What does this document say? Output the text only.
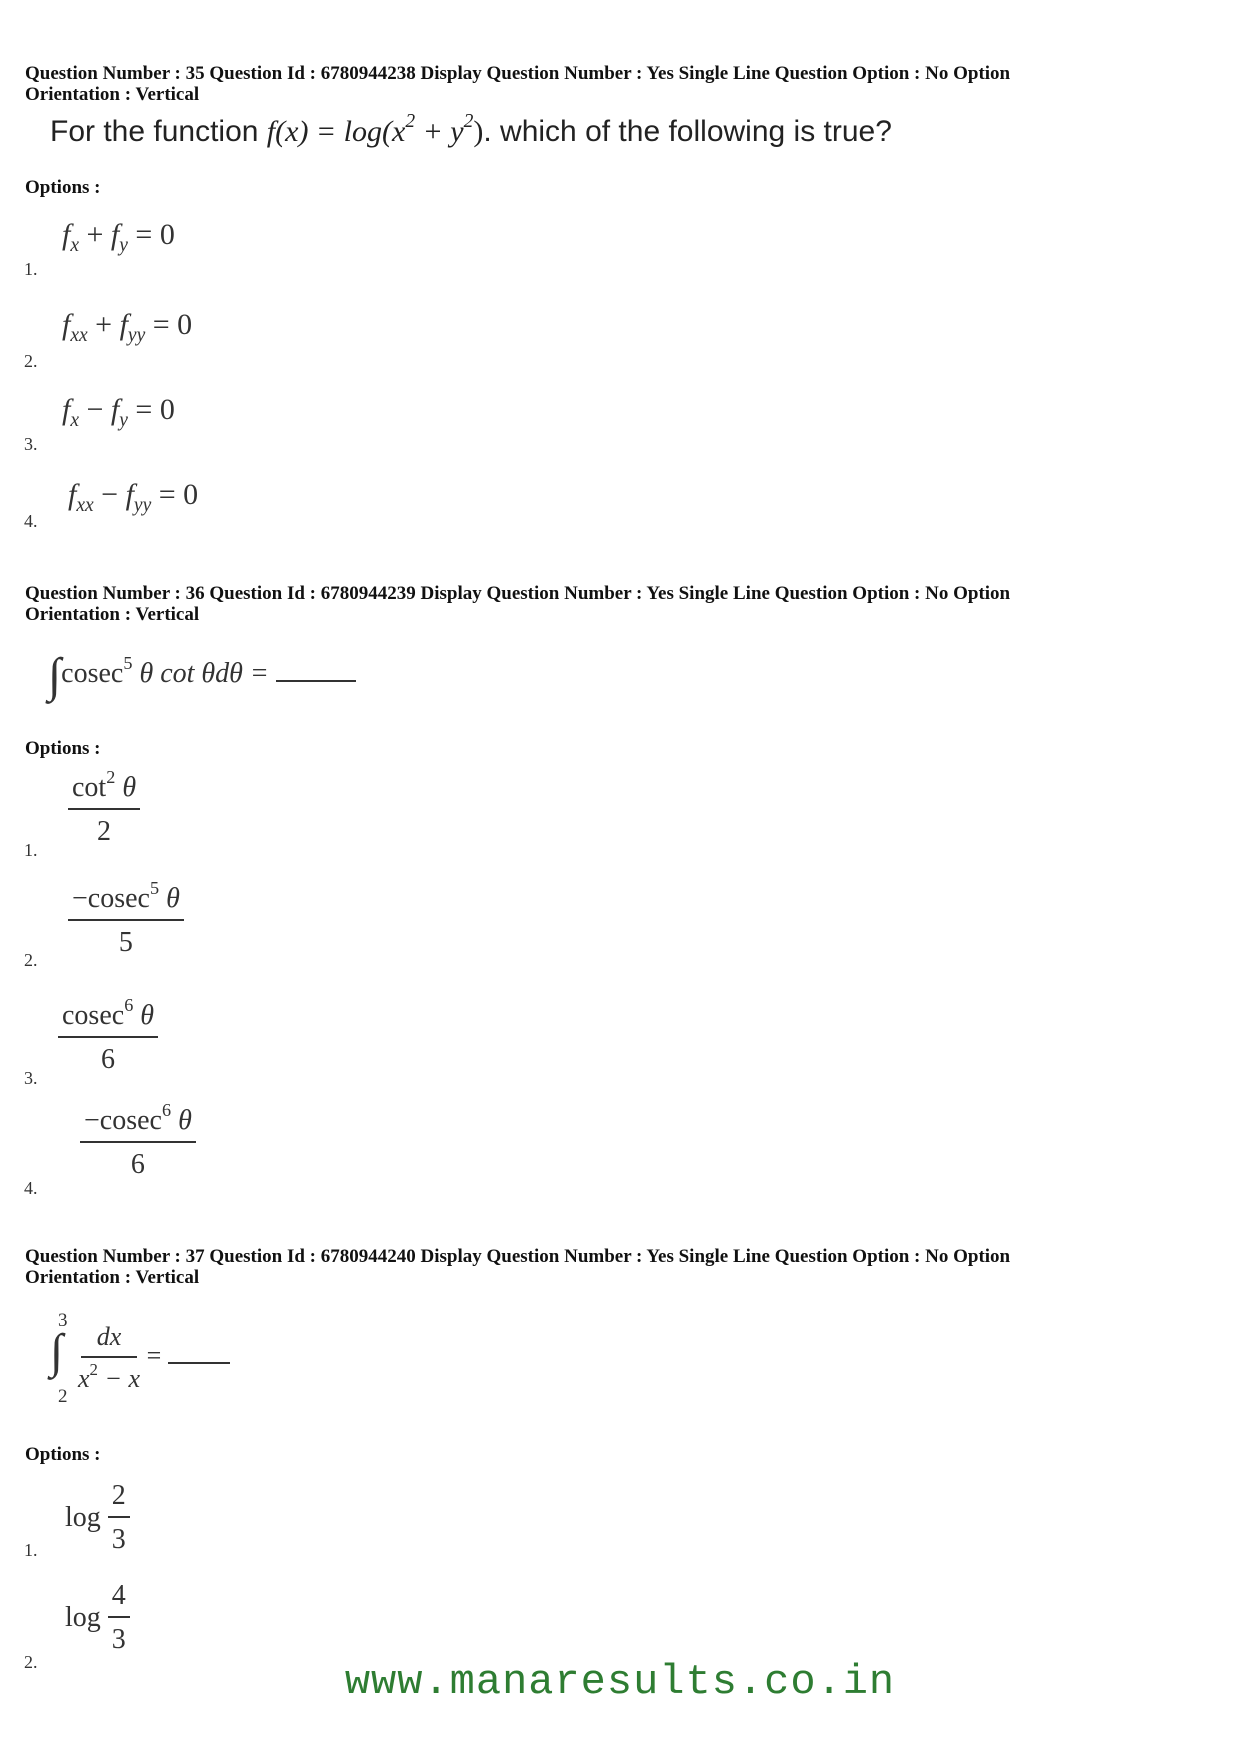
Question Number : 35 Question Id : 6780944238 Display Question Number : Yes Single Line Question Option : No Option
Orientation : Vertical
For the function $f(x) = \log(x^2 + y^2)$. which of the following is true?
Options :
$f_x + f_y = 0$
1.
$f_{xx} + f_{yy} = 0$
2.
$f_x - f_y = 0$
3.
$f_{xx} - f_{yy} = 0$
4.
Question Number : 36 Question Id : 6780944239 Display Question Number : Yes Single Line Question Option : No Option
Orientation : Vertical
∫cosec$^5$ θ cot θdθ =
Options :
$\frac{\cot^2 \theta}{2}$
1.
$\frac{-cosec^5 \theta}{5}$
2.
$\frac{cosec^6 \theta}{6}$
3.
$\frac{-cosec^6 \theta}{6}$
4.
Question Number : 37 Question Id : 6780944240 Display Question Number : Yes Single Line Question Option : No Option
Orientation : Vertical
3
∫
2
$\frac{dx}{x^2 - x}$ =
Options :
$\log \frac{2}{3}$
1.
$\log \frac{4}{3}$
2.	www.manaresults.co.in
